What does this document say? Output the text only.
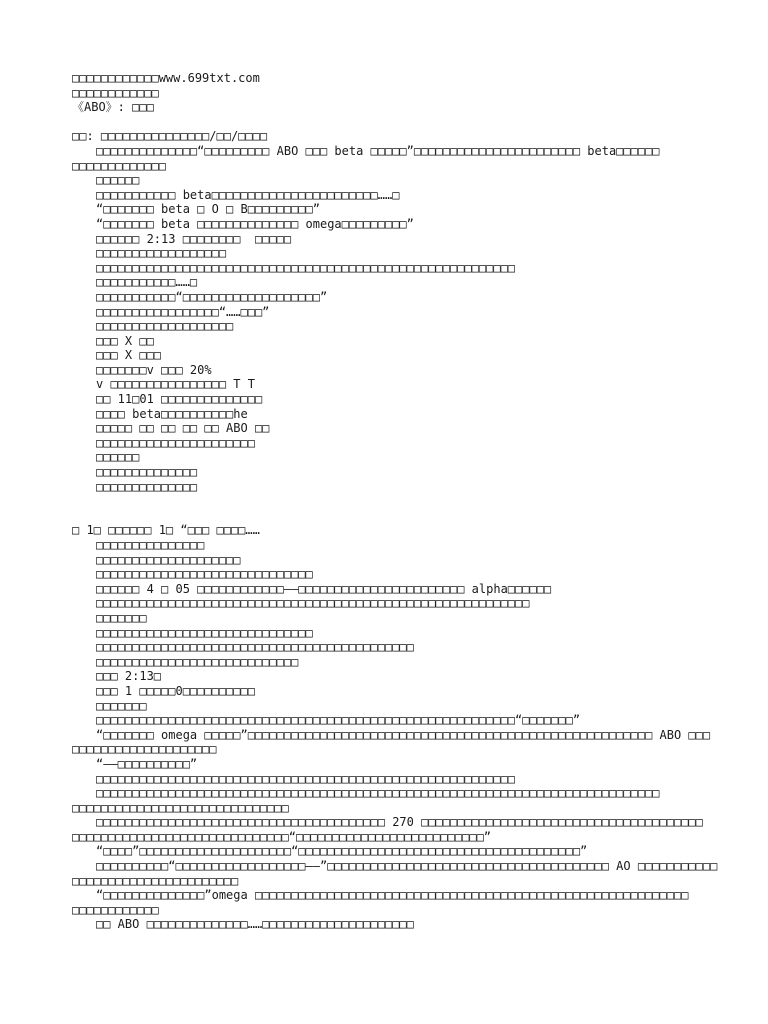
□□□□□□□□□□□□www.699txt.com
□□□□□□□□□□□□
《ABO》: □□□
□□: □□□□□□□□□□□□□□□/□□/□□□□
□□□□□□□□□□□□□□“□□□□□□□□□ ABO □□□ beta □□□□□”□□□□□□□□□□□□□□□□□□□□□□□ beta□□□□□□
□□□□□□□□□□□□□
□□□□□□
□□□□□□□□□□□ beta□□□□□□□□□□□□□□□□□□□□□□□……□
“□□□□□□□ beta □ O □ B□□□□□□□□□”
“□□□□□□□ beta □□□□□□□□□□□□□□ omega□□□□□□□□□”
□□□□□□ 2:13 □□□□□□□□  □□□□□
□□□□□□□□□□□□□□□□□□
□□□□□□□□□□□□□□□□□□□□□□□□□□□□□□□□□□□□□□□□□□□□□□□□□□□□□□□□□□
□□□□□□□□□□□……□
□□□□□□□□□□□“□□□□□□□□□□□□□□□□□□□”
□□□□□□□□□□□□□□□□□“……□□□”
□□□□□□□□□□□□□□□□□□□
□□□ X □□
□□□ X □□□
□□□□□□□v □□□ 20%
v □□□□□□□□□□□□□□□□ T T
□□ 11□01 □□□□□□□□□□□□□□
□□□□ beta□□□□□□□□□□he
□□□□□ □□ □□ □□ □□ ABO □□
□□□□□□□□□□□□□□□□□□□□□□
□□□□□□
□□□□□□□□□□□□□□
□□□□□□□□□□□□□□
□ 1□ □□□□□□ 1□ “□□□ □□□□……
□□□□□□□□□□□□□□□
□□□□□□□□□□□□□□□□□□□□
□□□□□□□□□□□□□□□□□□□□□□□□□□□□□□
□□□□□□ 4 □ 05 □□□□□□□□□□□□——□□□□□□□□□□□□□□□□□□□□□□□ alpha□□□□□□
□□□□□□□□□□□□□□□□□□□□□□□□□□□□□□□□□□□□□□□□□□□□□□□□□□□□□□□□□□□□
□□□□□□□
□□□□□□□□□□□□□□□□□□□□□□□□□□□□□□
□□□□□□□□□□□□□□□□□□□□□□□□□□□□□□□□□□□□□□□□□□□□
□□□□□□□□□□□□□□□□□□□□□□□□□□□□
□□□ 2:13□
□□□ 1 □□□□□0□□□□□□□□□□
□□□□□□□
□□□□□□□□□□□□□□□□□□□□□□□□□□□□□□□□□□□□□□□□□□□□□□□□□□□□□□□□□□“□□□□□□□”
“□□□□□□□ omega □□□□□”□□□□□□□□□□□□□□□□□□□□□□□□□□□□□□□□□□□□□□□□□□□□□□□□□□□□□□□□ ABO □□□
□□□□□□□□□□□□□□□□□□□□
“——□□□□□□□□□□”
□□□□□□□□□□□□□□□□□□□□□□□□□□□□□□□□□□□□□□□□□□□□□□□□□□□□□□□□□□
□□□□□□□□□□□□□□□□□□□□□□□□□□□□□□□□□□□□□□□□□□□□□□□□□□□□□□□□□□□□□□□□□□□□□□□□□□□□□□
□□□□□□□□□□□□□□□□□□□□□□□□□□□□□□
□□□□□□□□□□□□□□□□□□□□□□□□□□□□□□□□□□□□□□□□ 270 □□□□□□□□□□□□□□□□□□□□□□□□□□□□□□□□□□□□□□□
□□□□□□□□□□□□□□□□□□□□□□□□□□□□□□“□□□□□□□□□□□□□□□□□□□□□□□□□□”
“□□□□”□□□□□□□□□□□□□□□□□□□□□“□□□□□□□□□□□□□□□□□□□□□□□□□□□□□□□□□□□□□□□”
□□□□□□□□□□“□□□□□□□□□□□□□□□□□□——”□□□□□□□□□□□□□□□□□□□□□□□□□□□□□□□□□□□□□□□ AO □□□□□□□□□□□
□□□□□□□□□□□□□□□□□□□□□□□
“□□□□□□□□□□□□□□”omega □□□□□□□□□□□□□□□□□□□□□□□□□□□□□□□□□□□□□□□□□□□□□□□□□□□□□□□□□□□□
□□□□□□□□□□□□
□□ ABO □□□□□□□□□□□□□□……□□□□□□□□□□□□□□□□□□□□□
